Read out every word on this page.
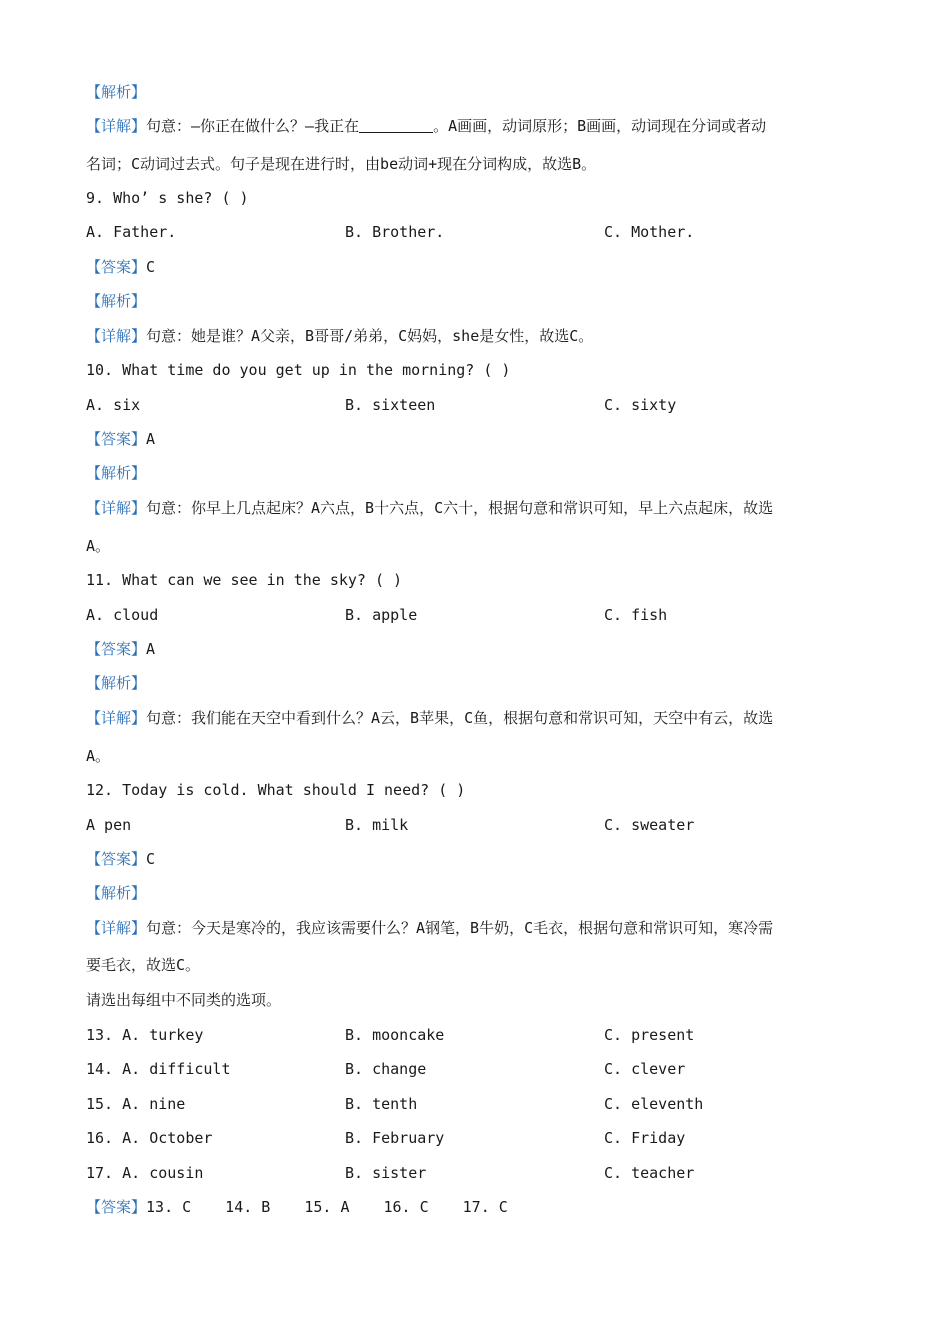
【解析】
【详解】句意：—你正在做什么？—我正在	。A画画，动词原形；B画画，动词现在分词或者动
名词；C动词过去式。句子是现在进行时，由be动词+现在分词构成，故选B。
9. Who’ s she? ( )
A. Father.	B. Brother.	C. Mother.
【答案】C
【解析】
【详解】句意：她是谁？A父亲，B哥哥/弟弟，C妈妈，she是女性，故选C。
10. What time do you get up in the morning? ( )
A. six	B. sixteen	C. sixty
【答案】A
【解析】
【详解】句意：你早上几点起床？A六点，B十六点，C六十，根据句意和常识可知，早上六点起床，故选
A。
11. What can we see in the sky? ( )
A. cloud	B. apple	C. fish
【答案】A
【解析】
【详解】句意：我们能在天空中看到什么？A云，B苹果，C鱼，根据句意和常识可知，天空中有云，故选
A。
12. Today is cold. What should I need? ( )
A pen	B. milk	C. sweater
【答案】C
【解析】
【详解】句意：今天是寒冷的，我应该需要什么？A钢笔，B牛奶，C毛衣，根据句意和常识可知，寒冷需
要毛衣，故选C。
请选出每组中不同类的选项。
13. A. turkey	B. mooncake	C. present
14. A. difficult	B. change	C. clever
15. A. nine	B. tenth	C. eleventh
16. A. October	B. February	C. Friday
17. A. cousin	B. sister	C. teacher
【答案】13. C 14. B 15. A 16. C 17. C
